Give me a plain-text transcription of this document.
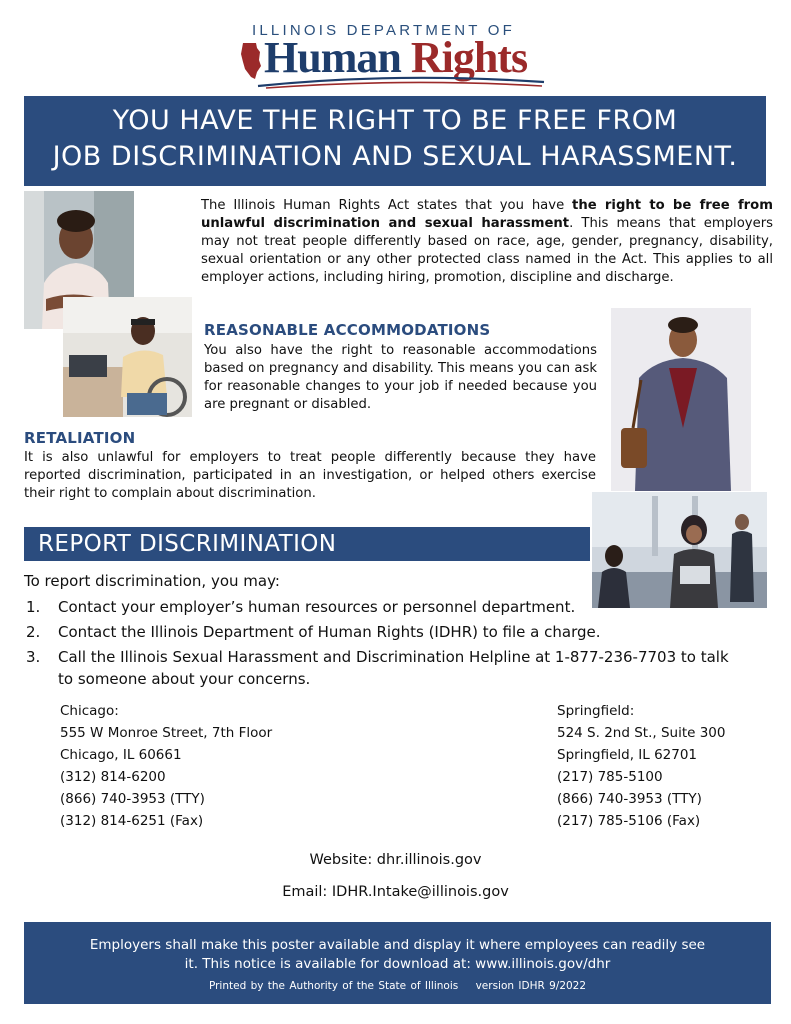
ILLINOIS DEPARTMENT OF
Human Rights
YOU HAVE THE RIGHT TO BE FREE FROM
JOB DISCRIMINATION AND SEXUAL HARASSMENT.
The Illinois Human Rights Act states that you have the right to be free from unlawful discrimination and sexual harassment. This means that employers may not treat people differently based on race, age, gender, pregnancy, disability, sexual orientation or any other protected class named in the Act. This applies to all employer actions, including hiring, promotion, discipline and discharge.
REASONABLE ACCOMMODATIONS
You also have the right to reasonable accommodations based on pregnancy and disability. This means you can ask for reasonable changes to your job if needed because you are pregnant or disabled.
RETALIATION
It is also unlawful for employers to treat people differently because they have reported discrimination, participated in an investigation, or helped others exercise their right to complain about discrimination.
REPORT DISCRIMINATION
To report discrimination, you may:
1. Contact your employer’s human resources or personnel department.
2. Contact the Illinois Department of Human Rights (IDHR) to file a charge.
3. Call the Illinois Sexual Harassment and Discrimination Helpline at 1-877-236-7703 to talk to someone about your concerns.
Chicago:
555 W Monroe Street, 7th Floor
Chicago, IL 60661
(312) 814-6200
(866) 740-3953 (TTY)
(312) 814-6251 (Fax)
Springfield:
524 S. 2nd St., Suite 300
Springfield, IL 62701
(217) 785-5100
(866) 740-3953 (TTY)
(217) 785-5106 (Fax)
Website: dhr.illinois.gov
Email: IDHR.Intake@illinois.gov
Employers shall make this poster available and display it where employees can readily see
it. This notice is available for download at: www.illinois.gov/dhr
Printed by the Authority of the State of Illinois version IDHR 9/2022
